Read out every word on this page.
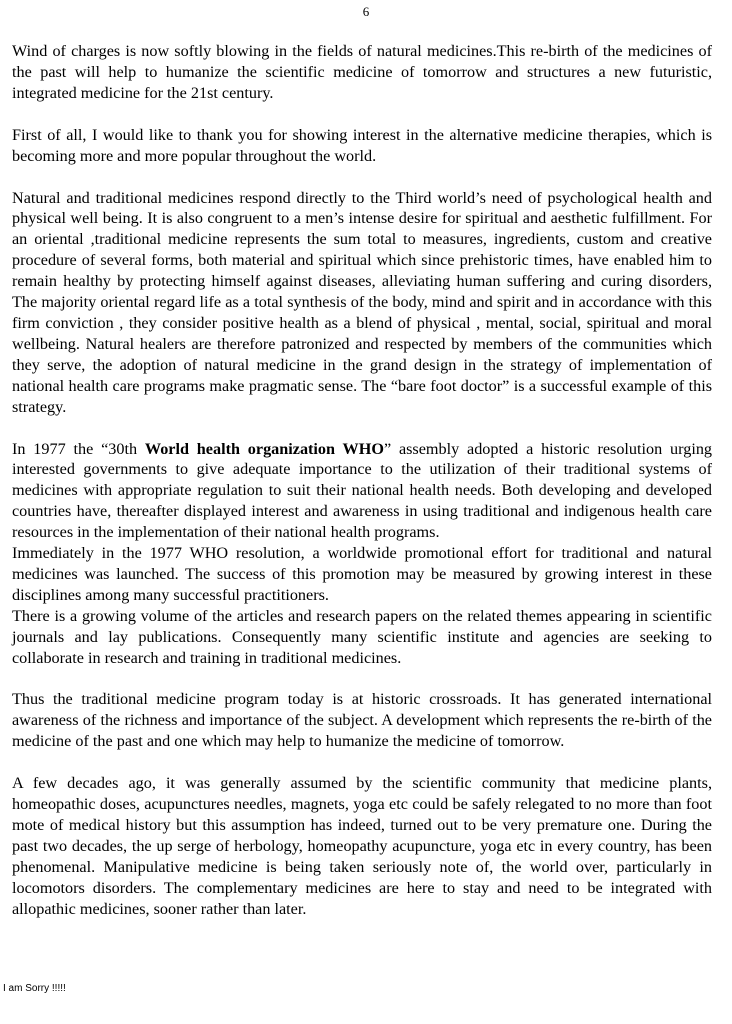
6

Wind of charges is now softly blowing in the fields of natural medicines.This re-birth of the medicines of the past will help to humanize the scientific medicine of tomorrow and structures a new futuristic, integrated medicine for the 21st century.

First of all, I would like to thank you for showing interest in the alternative medicine therapies, which is becoming more and more popular throughout the world.

Natural and traditional medicines respond directly to the Third world’s need of psychological health and physical well being. It is also congruent to a men’s intense desire for spiritual and aesthetic fulfillment. For an oriental ,traditional medicine represents the sum total to measures, ingredients, custom and creative procedure of several forms, both material and spiritual which since prehistoric times, have enabled him to remain healthy by protecting himself against diseases, alleviating human suffering and curing disorders, The majority oriental regard life as a total synthesis of the body, mind and spirit and in accordance with this firm conviction , they consider positive health as a blend of physical , mental, social, spiritual and moral wellbeing. Natural healers are therefore patronized and respected by members of the communities which they serve, the adoption of natural medicine in the grand design in the strategy of implementation of national health care programs make pragmatic sense. The “bare foot doctor” is a successful example of this strategy.

In 1977 the “30th World health organization WHO” assembly adopted a historic resolution urging interested governments to give adequate importance to the utilization of their traditional systems of medicines with appropriate regulation to suit their national health needs. Both developing and developed countries have, thereafter displayed interest and awareness in using traditional and indigenous health care resources in the implementation of their national health programs.

Immediately in the 1977 WHO resolution, a worldwide promotional effort for traditional and natural medicines was launched. The success of this promotion may be measured by growing interest in these disciplines among many successful practitioners.

There is a growing volume of the articles and research papers on the related themes appearing in scientific journals and lay publications. Consequently many scientific institute and agencies are seeking to collaborate in research and training in traditional medicines.

Thus the traditional medicine program today is at historic crossroads. It has generated international awareness of the richness and importance of the subject. A development which represents the re-birth of the medicine of the past and one which may help to humanize the medicine of tomorrow.

A few decades ago, it was generally assumed by the scientific community that medicine plants, homeopathic doses, acupunctures needles, magnets, yoga etc could be safely relegated to no more than foot mote of medical history but this assumption has indeed, turned out to be very premature one. During the past two decades, the up serge of herbology, homeopathy acupuncture, yoga etc in every country, has been phenomenal. Manipulative medicine is being taken seriously note of, the world over, particularly in locomotors disorders. The complementary medicines are here to stay and need to be integrated with allopathic medicines, sooner rather than later.

I am Sorry !!!!!
